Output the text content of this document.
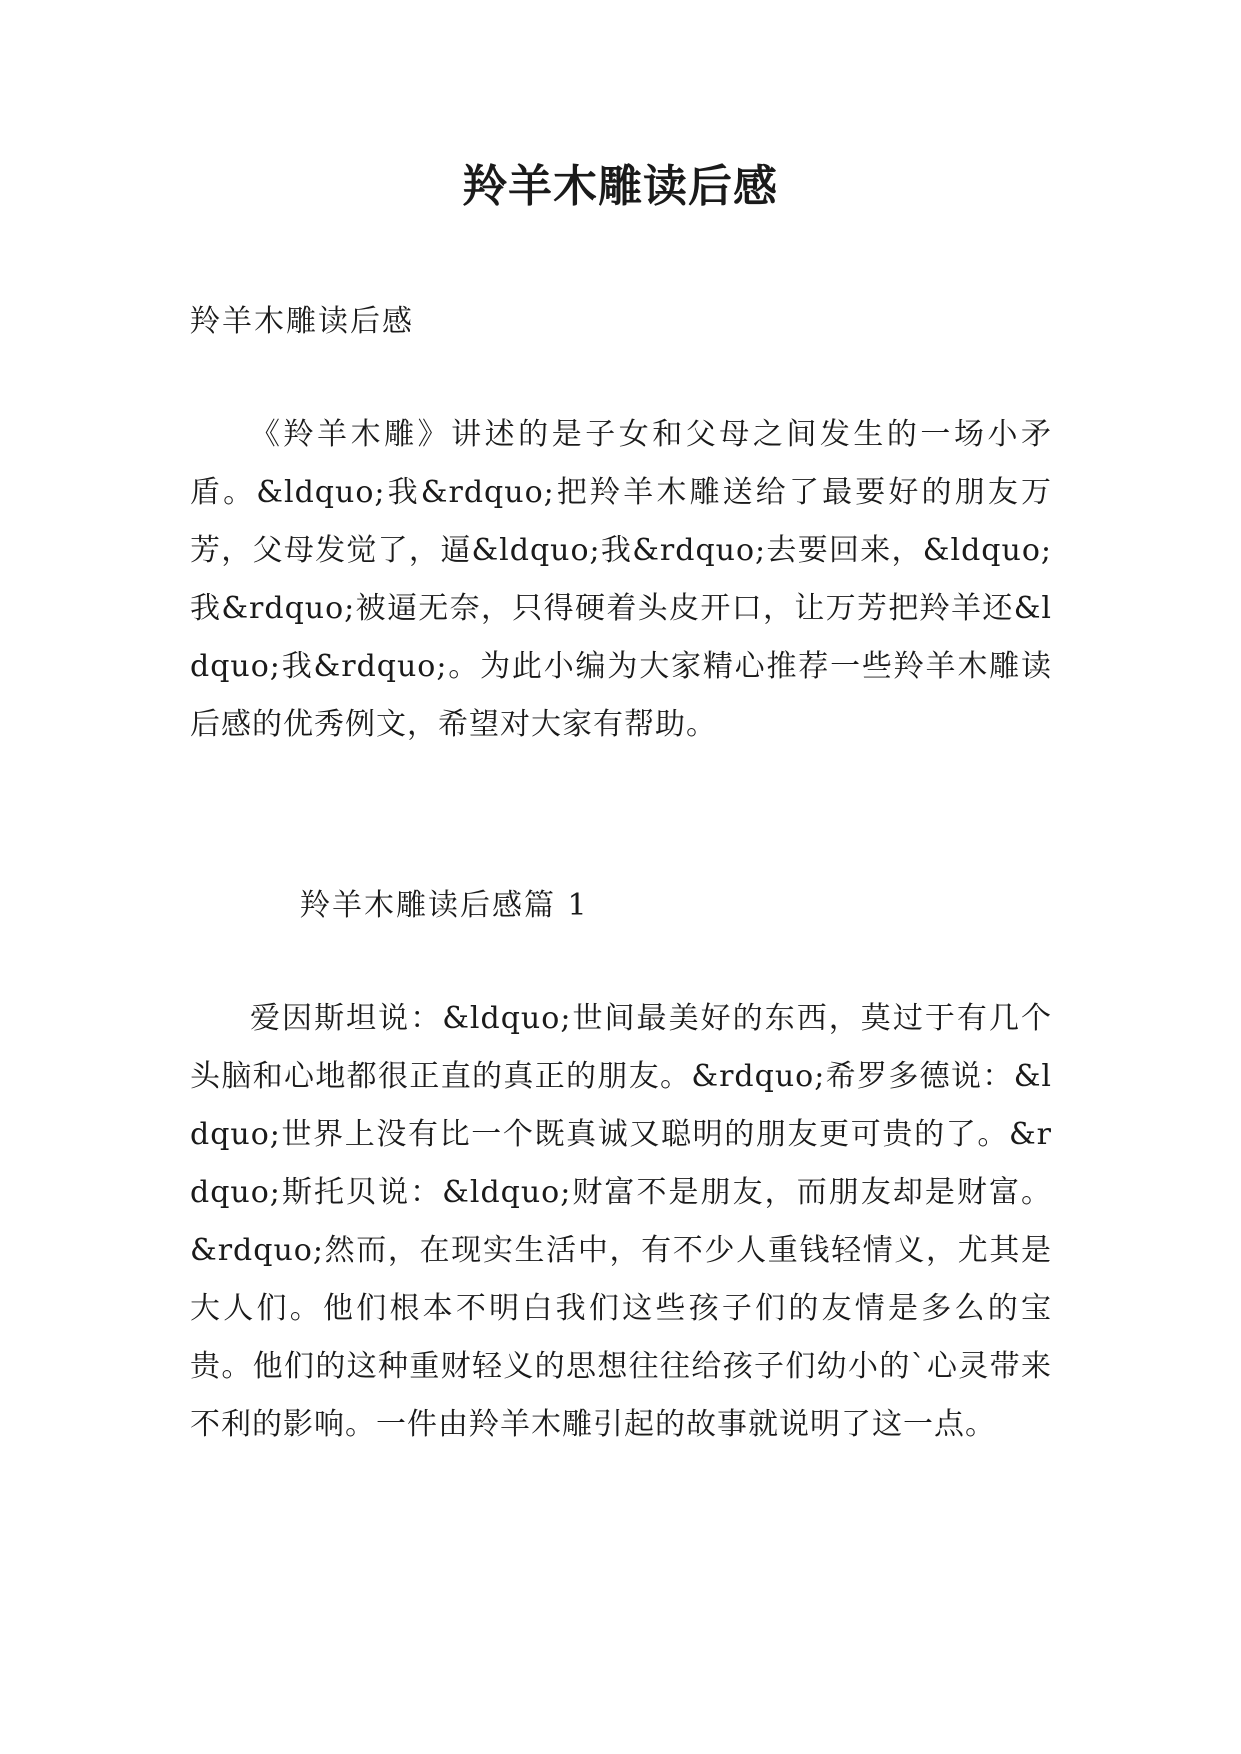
羚羊木雕读后感

羚羊木雕读后感

《羚羊木雕》讲述的是子女和父母之间发生的一场小矛盾。&ldquo;我&rdquo;把羚羊木雕送给了最要好的朋友万芳，父母发觉了，逼&ldquo;我&rdquo;去要回来，&ldquo;我&rdquo;被逼无奈，只得硬着头皮开口，让万芳把羚羊还&ldquo;我&rdquo;。为此小编为大家精心推荐一些羚羊木雕读后感的优秀例文，希望对大家有帮助。

羚羊木雕读后感篇 1

爱因斯坦说：&ldquo;世间最美好的东西，莫过于有几个头脑和心地都很正直的真正的朋友。&rdquo;希罗多德说：&ldquo;世界上没有比一个既真诚又聪明的朋友更可贵的了。&rdquo;斯托贝说：&ldquo;财富不是朋友，而朋友却是财富。&rdquo;然而，在现实生活中，有不少人重钱轻情义，尤其是大人们。他们根本不明白我们这些孩子们的友情是多么的宝贵。他们的这种重财轻义的思想往往给孩子们幼小的`心灵带来不利的影响。一件由羚羊木雕引起的故事就说明了这一点。
